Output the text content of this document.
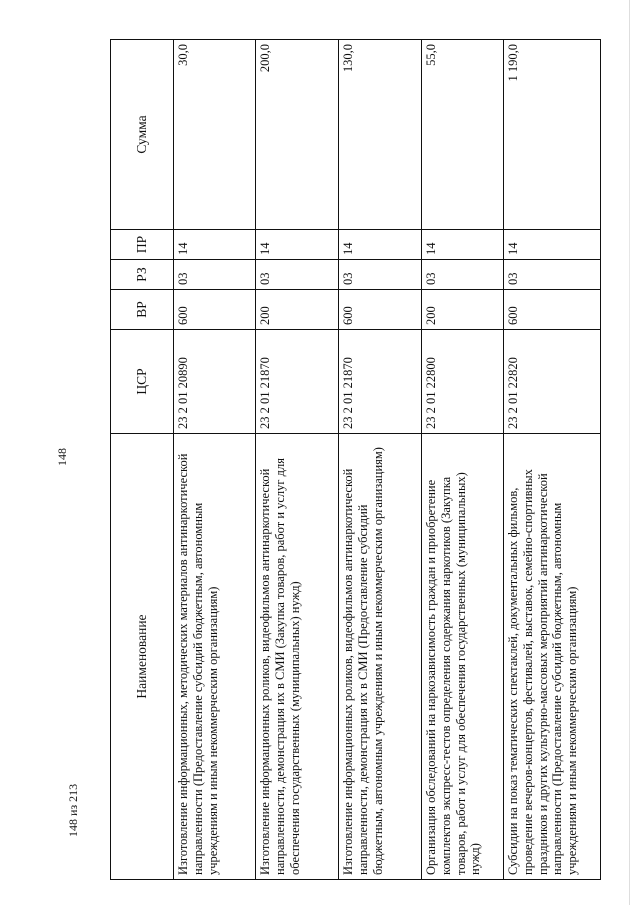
148
Наименование	ЦСР	ВР	РЗ	ПР	Сумма
Изготовление информационных, методических материалов антинаркотической направленности (Предоставление субсидий бюджетным, автономным учреждениям и иным некоммерческим организациям)	23 2 01 20890	600	03	14	30,0
Изготовление информационных роликов, видеофильмов антинаркотической направленности, демонстрация их в СМИ (Закупка товаров, работ и услуг для обеспечения государственных (муниципальных) нужд)	23 2 01 21870	200	03	14	200,0
Изготовление информационных роликов, видеофильмов антинаркотической направленности, демонстрация их в СМИ (Предоставление субсидий бюджетным, автономным учреждениям и иным некоммерческим организациям)	23 2 01 21870	600	03	14	130,0
Организация обследований на наркозависимость граждан и приобретение комплектов экспресс-тестов определения содержания наркотиков (Закупка товаров, работ и услуг для обеспечения государственных (муниципальных) нужд)	23 2 01 22800	200	03	14	55,0
Субсидии на показ тематических спектаклей, документальных фильмов, проведение вечеров-концертов, фестивалей, выставок, семейно-спортивных праздников и других культурно-массовых мероприятий антинаркотической направленности (Предоставление субсидий бюджетным, автономным учреждениям и иным некоммерческим организациям)	23 2 01 22820	600	03	14	1 190,0
148 из 213
